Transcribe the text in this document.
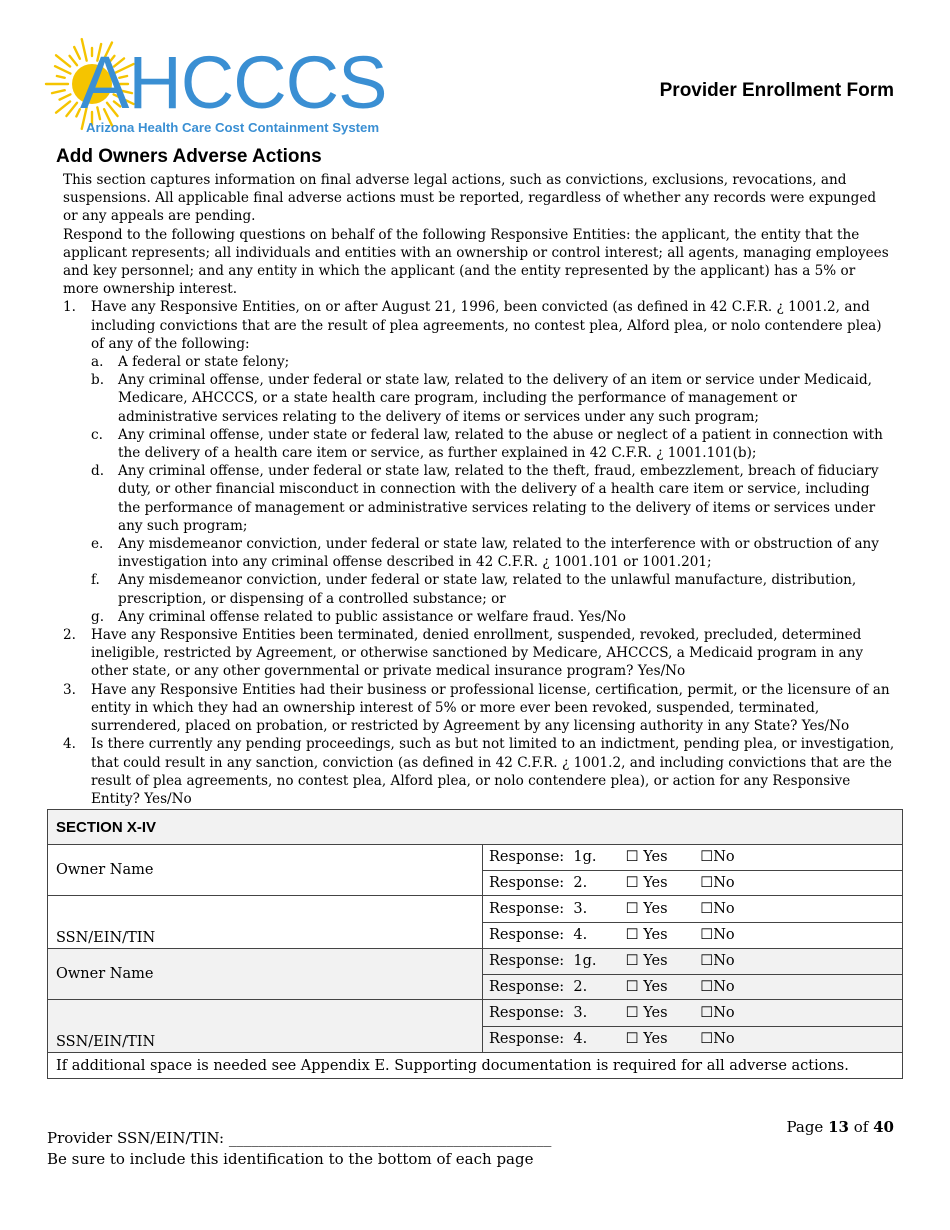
AHCCCS
Arizona Health Care Cost Containment System
Provider Enrollment Form
Add Owners Adverse Actions

This section captures information on final adverse legal actions, such as convictions, exclusions, revocations, and suspensions. All applicable final adverse actions must be reported, regardless of whether any records were expunged or any appeals are pending.

Respond to the following questions on behalf of the following Responsive Entities: the applicant, the entity that the applicant represents; all individuals and entities with an ownership or control interest; all agents, managing employees and key personnel; and any entity in which the applicant (and the entity represented by the applicant) has a 5% or more ownership interest.

1. Have any Responsive Entities, on or after August 21, 1996, been convicted (as defined in 42 C.F.R. ¿ 1001.2, and including convictions that are the result of plea agreements, no contest plea, Alford plea, or nolo contendere plea) of any of the following:
a. A federal or state felony;
b. Any criminal offense, under federal or state law, related to the delivery of an item or service under Medicaid, Medicare, AHCCCS, or a state health care program, including the performance of management or administrative services relating to the delivery of items or services under any such program;
c. Any criminal offense, under state or federal law, related to the abuse or neglect of a patient in connection with the delivery of a health care item or service, as further explained in 42 C.F.R. ¿ 1001.101(b);
d. Any criminal offense, under federal or state law, related to the theft, fraud, embezzlement, breach of fiduciary duty, or other financial misconduct in connection with the delivery of a health care item or service, including the performance of management or administrative services relating to the delivery of items or services under any such program;
e. Any misdemeanor conviction, under federal or state law, related to the interference with or obstruction of any investigation into any criminal offense described in 42 C.F.R. ¿ 1001.101 or 1001.201;
f. Any misdemeanor conviction, under federal or state law, related to the unlawful manufacture, distribution, prescription, or dispensing of a controlled substance; or
g. Any criminal offense related to public assistance or welfare fraud. Yes/No
2. Have any Responsive Entities been terminated, denied enrollment, suspended, revoked, precluded, determined ineligible, restricted by Agreement, or otherwise sanctioned by Medicare, AHCCCS, a Medicaid program in any other state, or any other governmental or private medical insurance program? Yes/No
3. Have any Responsive Entities had their business or professional license, certification, permit, or the licensure of an entity in which they had an ownership interest of 5% or more ever been revoked, suspended, terminated, surrendered, placed on probation, or restricted by Agreement by any licensing authority in any State? Yes/No
4. Is there currently any pending proceedings, such as but not limited to an indictment, pending plea, or investigation, that could result in any sanction, conviction (as defined in 42 C.F.R. ¿ 1001.2, and including convictions that are the result of plea agreements, no contest plea, Alford plea, or nolo contendere plea), or action for any Responsive Entity? Yes/No
SECTION X-IV	
Owner Name	Response: 1g. ☐ Yes ☐No
	Response: 2. ☐ Yes ☐No
SSN/EIN/TIN	Response: 3. ☐ Yes ☐No
	Response: 4. ☐ Yes ☐No
Owner Name	Response: 1g. ☐ Yes ☐No
	Response: 2. ☐ Yes ☐No
SSN/EIN/TIN	Response: 3. ☐ Yes ☐No
	Response: 4. ☐ Yes ☐No
If additional space is needed see Appendix E. Supporting documentation is required for all adverse actions.	
Page 13 of 40
Provider SSN/EIN/TIN: ___________________________________________
Be sure to include this identification to the bottom of each page
